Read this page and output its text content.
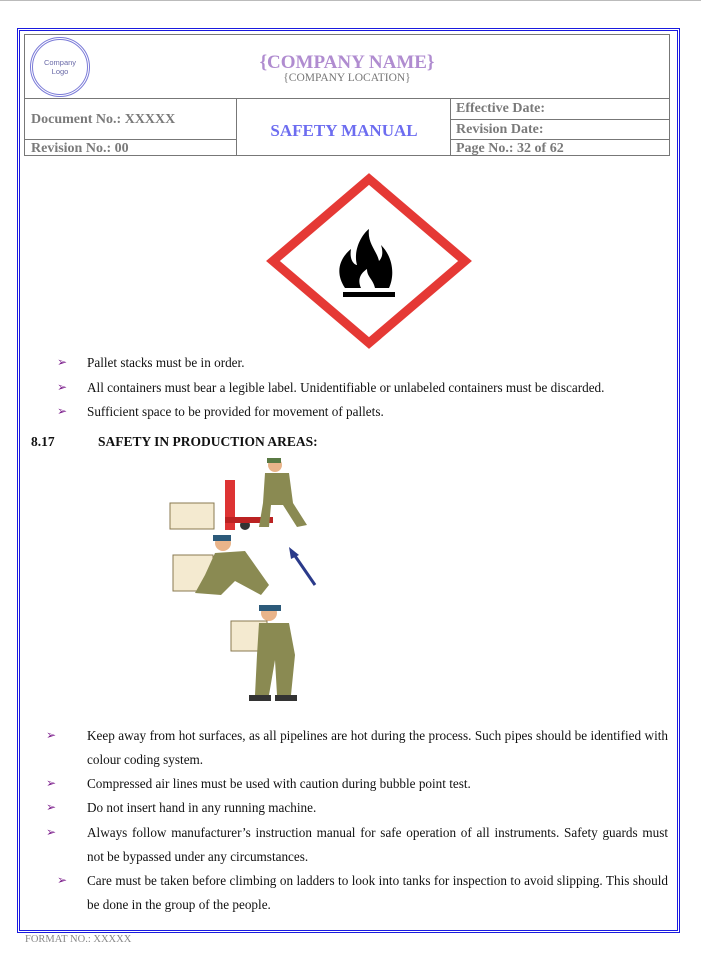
Company
Logo	{COMPANY NAME}
{COMPANY LOCATION}
Document No.: XXXXX
Revision No.: 00
SAFETY MANUAL
Effective Date:
Revision Date:
Page No.: 32 of 62
➢ Pallet stacks must be in order.
➢ All containers must bear a legible label. Unidentifiable or unlabeled containers must be discarded.
➢ Sufficient space to be provided for movement of pallets.
8.17	SAFETY IN PRODUCTION AREAS:
➢ Keep away from hot surfaces, as all pipelines are hot during the process. Such pipes should be identified with colour coding system.
➢ Compressed air lines must be used with caution during bubble point test.
➢ Do not insert hand in any running machine.
➢ Always follow manufacturer’s instruction manual for safe operation of all instruments. Safety guards must not be bypassed under any circumstances.
➢ Care must be taken before climbing on ladders to look into tanks for inspection to avoid slipping. This should be done in the group of the people.
FORMAT NO.: XXXXX
